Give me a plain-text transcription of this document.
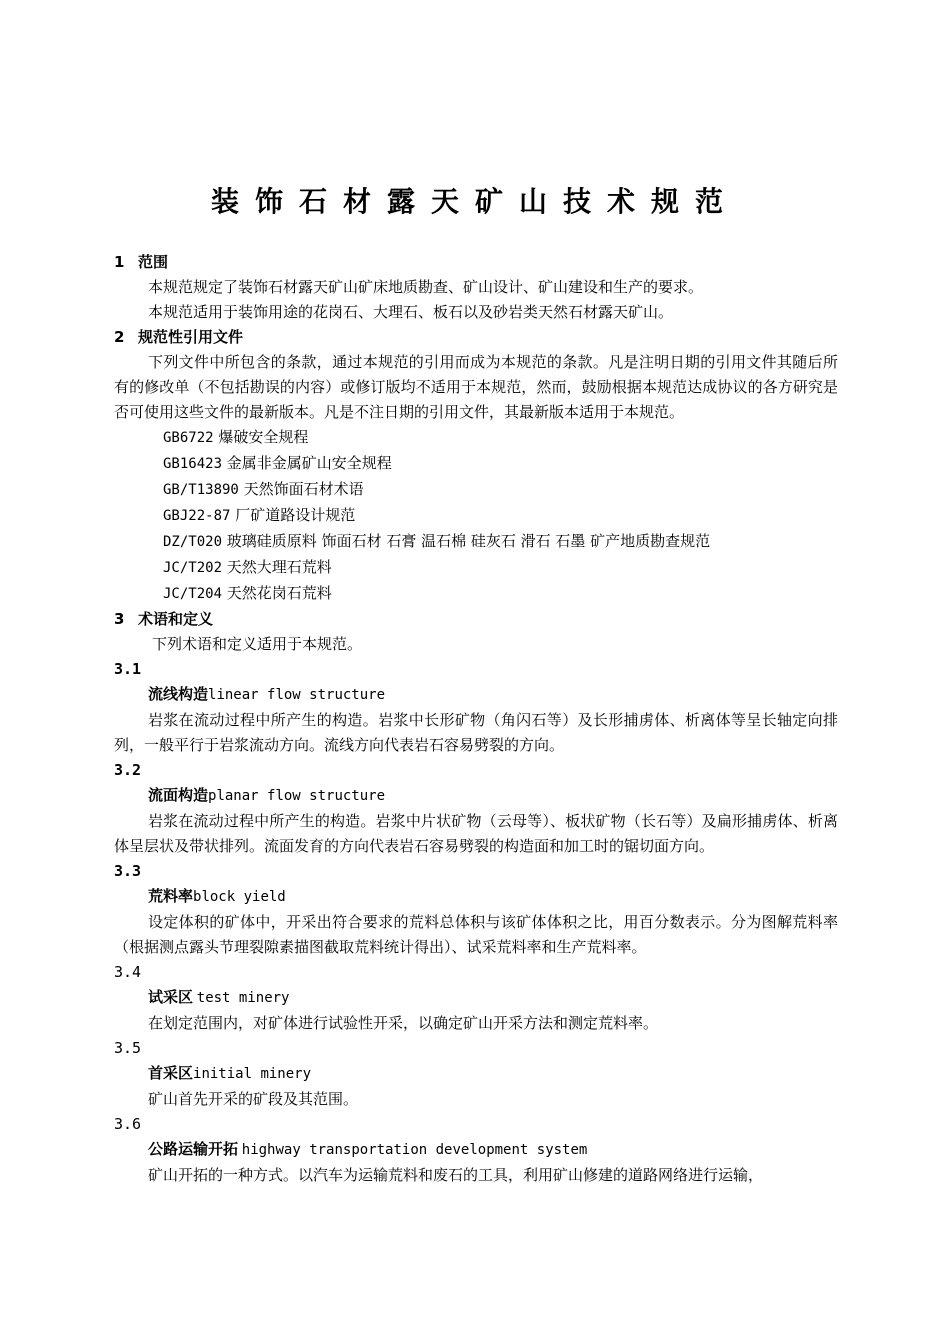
装饰石材露天矿山技术规范
1 范围
本规范规定了装饰石材露天矿山矿床地质勘查、矿山设计、矿山建设和生产的要求。
本规范适用于装饰用途的花岗石、大理石、板石以及砂岩类天然石材露天矿山。
2 规范性引用文件
下列文件中所包含的条款，通过本规范的引用而成为本规范的条款。凡是注明日期的引用文件其随后所有的修改单（不包括勘误的内容）或修订版均不适用于本规范，然而，鼓励根据本规范达成协议的各方研究是否可使用这些文件的最新版本。凡是不注日期的引用文件，其最新版本适用于本规范。
GB6722 爆破安全规程
GB16423 金属非金属矿山安全规程
GB/T13890 天然饰面石材术语
GBJ22-87 厂矿道路设计规范
DZ/T020 玻璃硅质原料 饰面石材 石膏 温石棉 硅灰石 滑石 石墨 矿产地质勘查规范
JC/T202 天然大理石荒料
JC/T204 天然花岗石荒料
3 术语和定义
下列术语和定义适用于本规范。
3.1
流线构造linear flow structure
岩浆在流动过程中所产生的构造。岩浆中长形矿物（角闪石等）及长形捕虏体、析离体等呈长轴定向排列，一般平行于岩浆流动方向。流线方向代表岩石容易劈裂的方向。
3.2
流面构造planar flow structure
岩浆在流动过程中所产生的构造。岩浆中片状矿物（云母等）、板状矿物（长石等）及扁形捕虏体、析离体呈层状及带状排列。流面发育的方向代表岩石容易劈裂的构造面和加工时的锯切面方向。
3.3
荒料率block yield
设定体积的矿体中，开采出符合要求的荒料总体积与该矿体体积之比，用百分数表示。分为图解荒料率（根据测点露头节理裂隙素描图截取荒料统计得出）、试采荒料率和生产荒料率。
3.4
试采区 test minery
在划定范围内，对矿体进行试验性开采，以确定矿山开采方法和测定荒料率。
3.5
首采区initial minery
矿山首先开采的矿段及其范围。
3.6
公路运输开拓 highway transportation development system
矿山开拓的一种方式。以汽车为运输荒料和废石的工具，利用矿山修建的道路网络进行运输，
